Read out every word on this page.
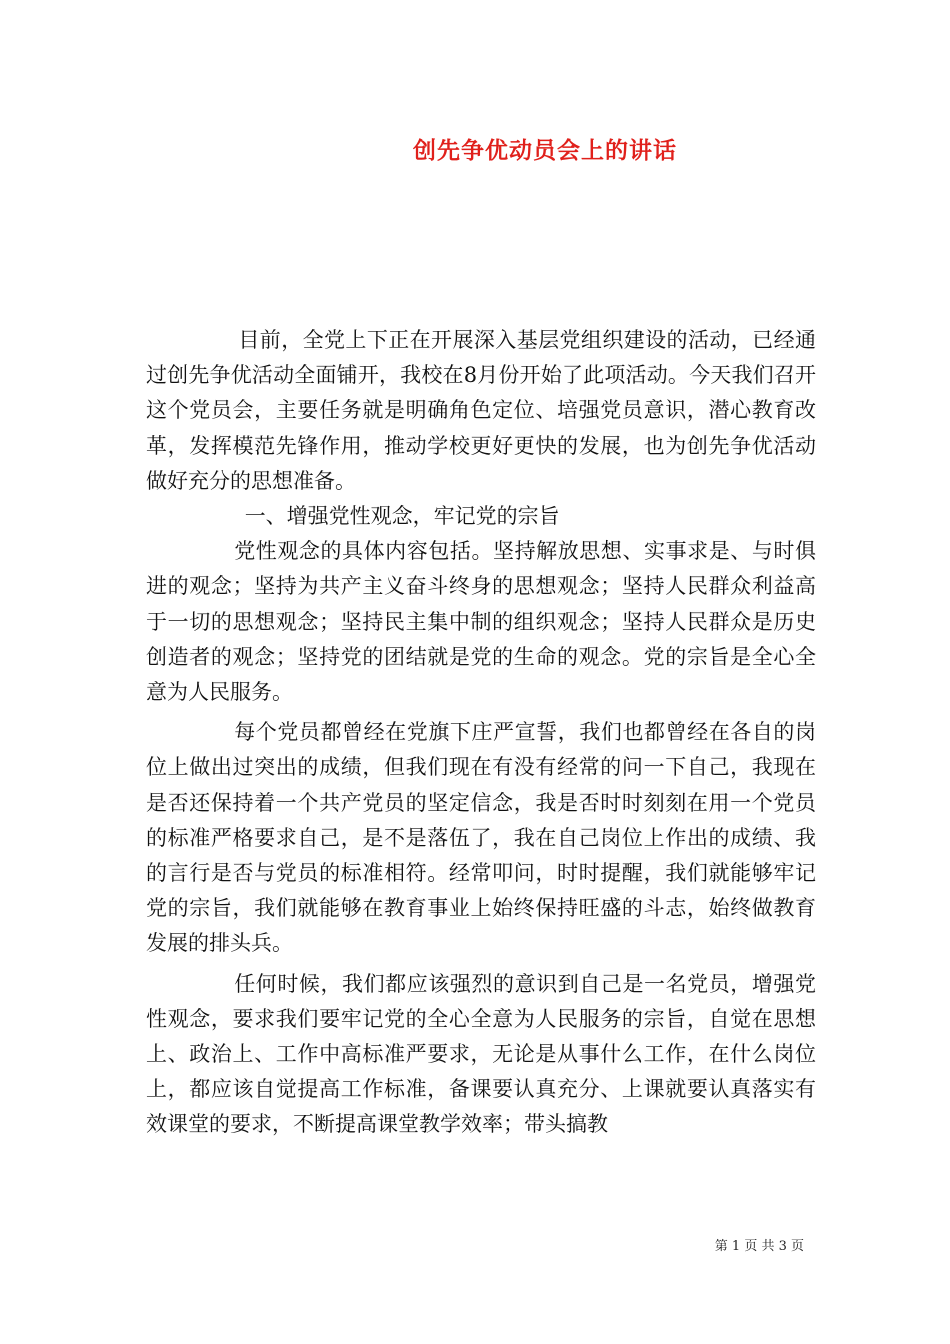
创先争优动员会上的讲话

目前，全党上下正在开展深入基层党组织建设的活动，已经通过创先争优活动全面铺开，我校在8月份开始了此项活动。今天我们召开这个党员会，主要任务就是明确角色定位、培强党员意识，潜心教育改革，发挥模范先锋作用，推动学校更好更快的发展，也为创先争优活动做好充分的思想准备。

一、增强党性观念，牢记党的宗旨

党性观念的具体内容包括。坚持解放思想、实事求是、与时俱进的观念；坚持为共产主义奋斗终身的思想观念；坚持人民群众利益高于一切的思想观念；坚持民主集中制的组织观念；坚持人民群众是历史创造者的观念；坚持党的团结就是党的生命的观念。党的宗旨是全心全意为人民服务。

每个党员都曾经在党旗下庄严宣誓，我们也都曾经在各自的岗位上做出过突出的成绩，但我们现在有没有经常的问一下自己，我现在是否还保持着一个共产党员的坚定信念，我是否时时刻刻在用一个党员的标准严格要求自己，是不是落伍了，我在自己岗位上作出的成绩、我的言行是否与党员的标准相符。经常叩问，时时提醒，我们就能够牢记党的宗旨，我们就能够在教育事业上始终保持旺盛的斗志，始终做教育发展的排头兵。

任何时候，我们都应该强烈的意识到自己是一名党员，增强党性观念，要求我们要牢记党的全心全意为人民服务的宗旨，自觉在思想上、政治上、工作中高标准严要求，无论是从事什么工作，在什么岗位上，都应该自觉提高工作标准，备课要认真充分、上课就要认真落实有效课堂的要求，不断提高课堂教学效率；带头搞教

第 1 页 共 3 页
